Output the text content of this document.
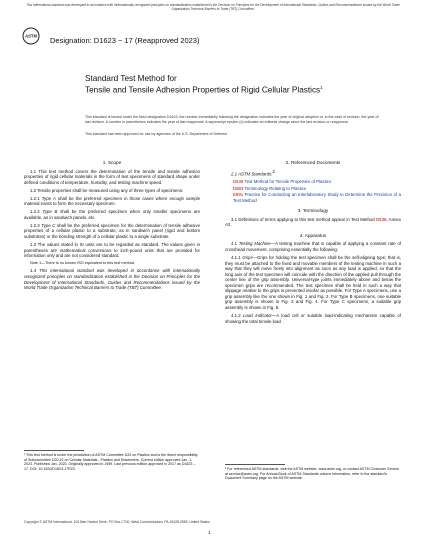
This international standard was developed in accordance with internationally recognized principles on standardization established in the Decision on Principles for the Development of International Standards, Guides and Recommendations issued by the World Trade Organization Technical Barriers to Trade (TBT) Committee.
ASTM Designation: D1623 − 17 (Reapproved 2023)
Standard Test Method for
Tensile and Tensile Adhesion Properties of Rigid Cellular Plastics$^1$
This standard is issued under the fixed designation D1623; the number immediately following the designation indicates the year of original adoption or, in the case of revision, the year of last revision. A number in parentheses indicates the year of last reapproval. A superscript epsilon (ε) indicates an editorial change since the last revision or reapproval.
This standard has been approved for use by agencies of the U.S. Department of Defense.
1. Scope
1.1 This test method covers the determination of the tensile and tensile adhesion properties of rigid cellular materials in the form of test specimens of standard shape under defined conditions of temperature, humidity, and testing machine speed.
1.2 Tensile properties shall be measured using any of three types of specimens:
1.2.1 Type A shall be the preferred specimen in those cases where enough sample material exists to form the necessary specimen.
1.2.2 Type B shall be the preferred specimen when only smaller specimens are available, as in sandwich panels, etc.
1.2.3 Type C shall be the preferred specimen for the determination of tensile adhesive properties of a cellular plastic to a substrate, as in sandwich panel (rigid and bottom substrates) or the bonding strength of a cellular plastic to a single substrate.
1.3 The values stated in SI units are to be regarded as standard. The values given in parentheses are mathematical conversions to inch-pound units that are provided for information only and are not considered standard.
Note 1—There is no known ISO equivalent to this test method.
1.4 This international standard was developed in accordance with internationally recognized principles on standardization established in the Decision on Principles for the Development of International Standards, Guides and Recommendations issued by the World Trade Organization Technical Barriers to Trade (TBT) Committee.
2. Referenced Documents
2.1 ASTM Standards:2
D638 Test Method for Tensile Properties of Plastics
D883 Terminology Relating to Plastics
E691 Practice for Conducting an Interlaboratory Study to Determine the Precision of a Test Method
3. Terminology
3.1 Definitions of terms applying to this test method appear in Test Method D638, Annex A2.
4. Apparatus
4.1 Testing Machine—A testing machine that is capable of applying a constant rate of crosshead movement, comprising essentially the following:
4.1.1 Grips—Grips for holding the test specimen shall be the self-aligning type; that is, they must be attached to the fixed and movable members of the testing machine in such a way that they will move freely into alignment as soon as any load is applied, so that the long axis of the test specimen will coincide with the direction of the applied pull through the center line of the grip assembly. Universal-type joints immediately above and below the specimen grips are recommended. The test specimen shall be held in such a way that slippage relative to the grips is prevented insofar as possible. For Type A specimens, use a grip assembly like the one shown in Fig. 1 and Fig. 2. For Type B specimens, one suitable grip assembly is shown in Fig. 3 and Fig. 4. For Type C specimens, a suitable grip assembly is shown in Fig. 5.
4.1.2 Load Indicator—A load cell or suitable load-indicating mechanism capable of showing the total tensile load
¹ This test method is under the jurisdiction of ASTM Committee D20 on Plastics and is the direct responsibility of Subcommittee D20.22 on Cellular Materials - Plastics and Elastomers. Current edition approved Jan. 1, 2023. Published Jan. 2023. Originally approved in 1959. Last previous edition approved in 2017 as D1623 – 17. DOI: 10.1520/D1623-17R23.	² For referenced ASTM standards, visit the ASTM website, www.astm.org, or contact ASTM Customer Service at service@astm.org. For Annual Book of ASTM Standards volume information, refer to the standard's Document Summary page on the ASTM website.
Copyright © ASTM International, 100 Barr Harbor Drive, PO Box C700, West Conshohocken, PA 19428-2959. United States
1
